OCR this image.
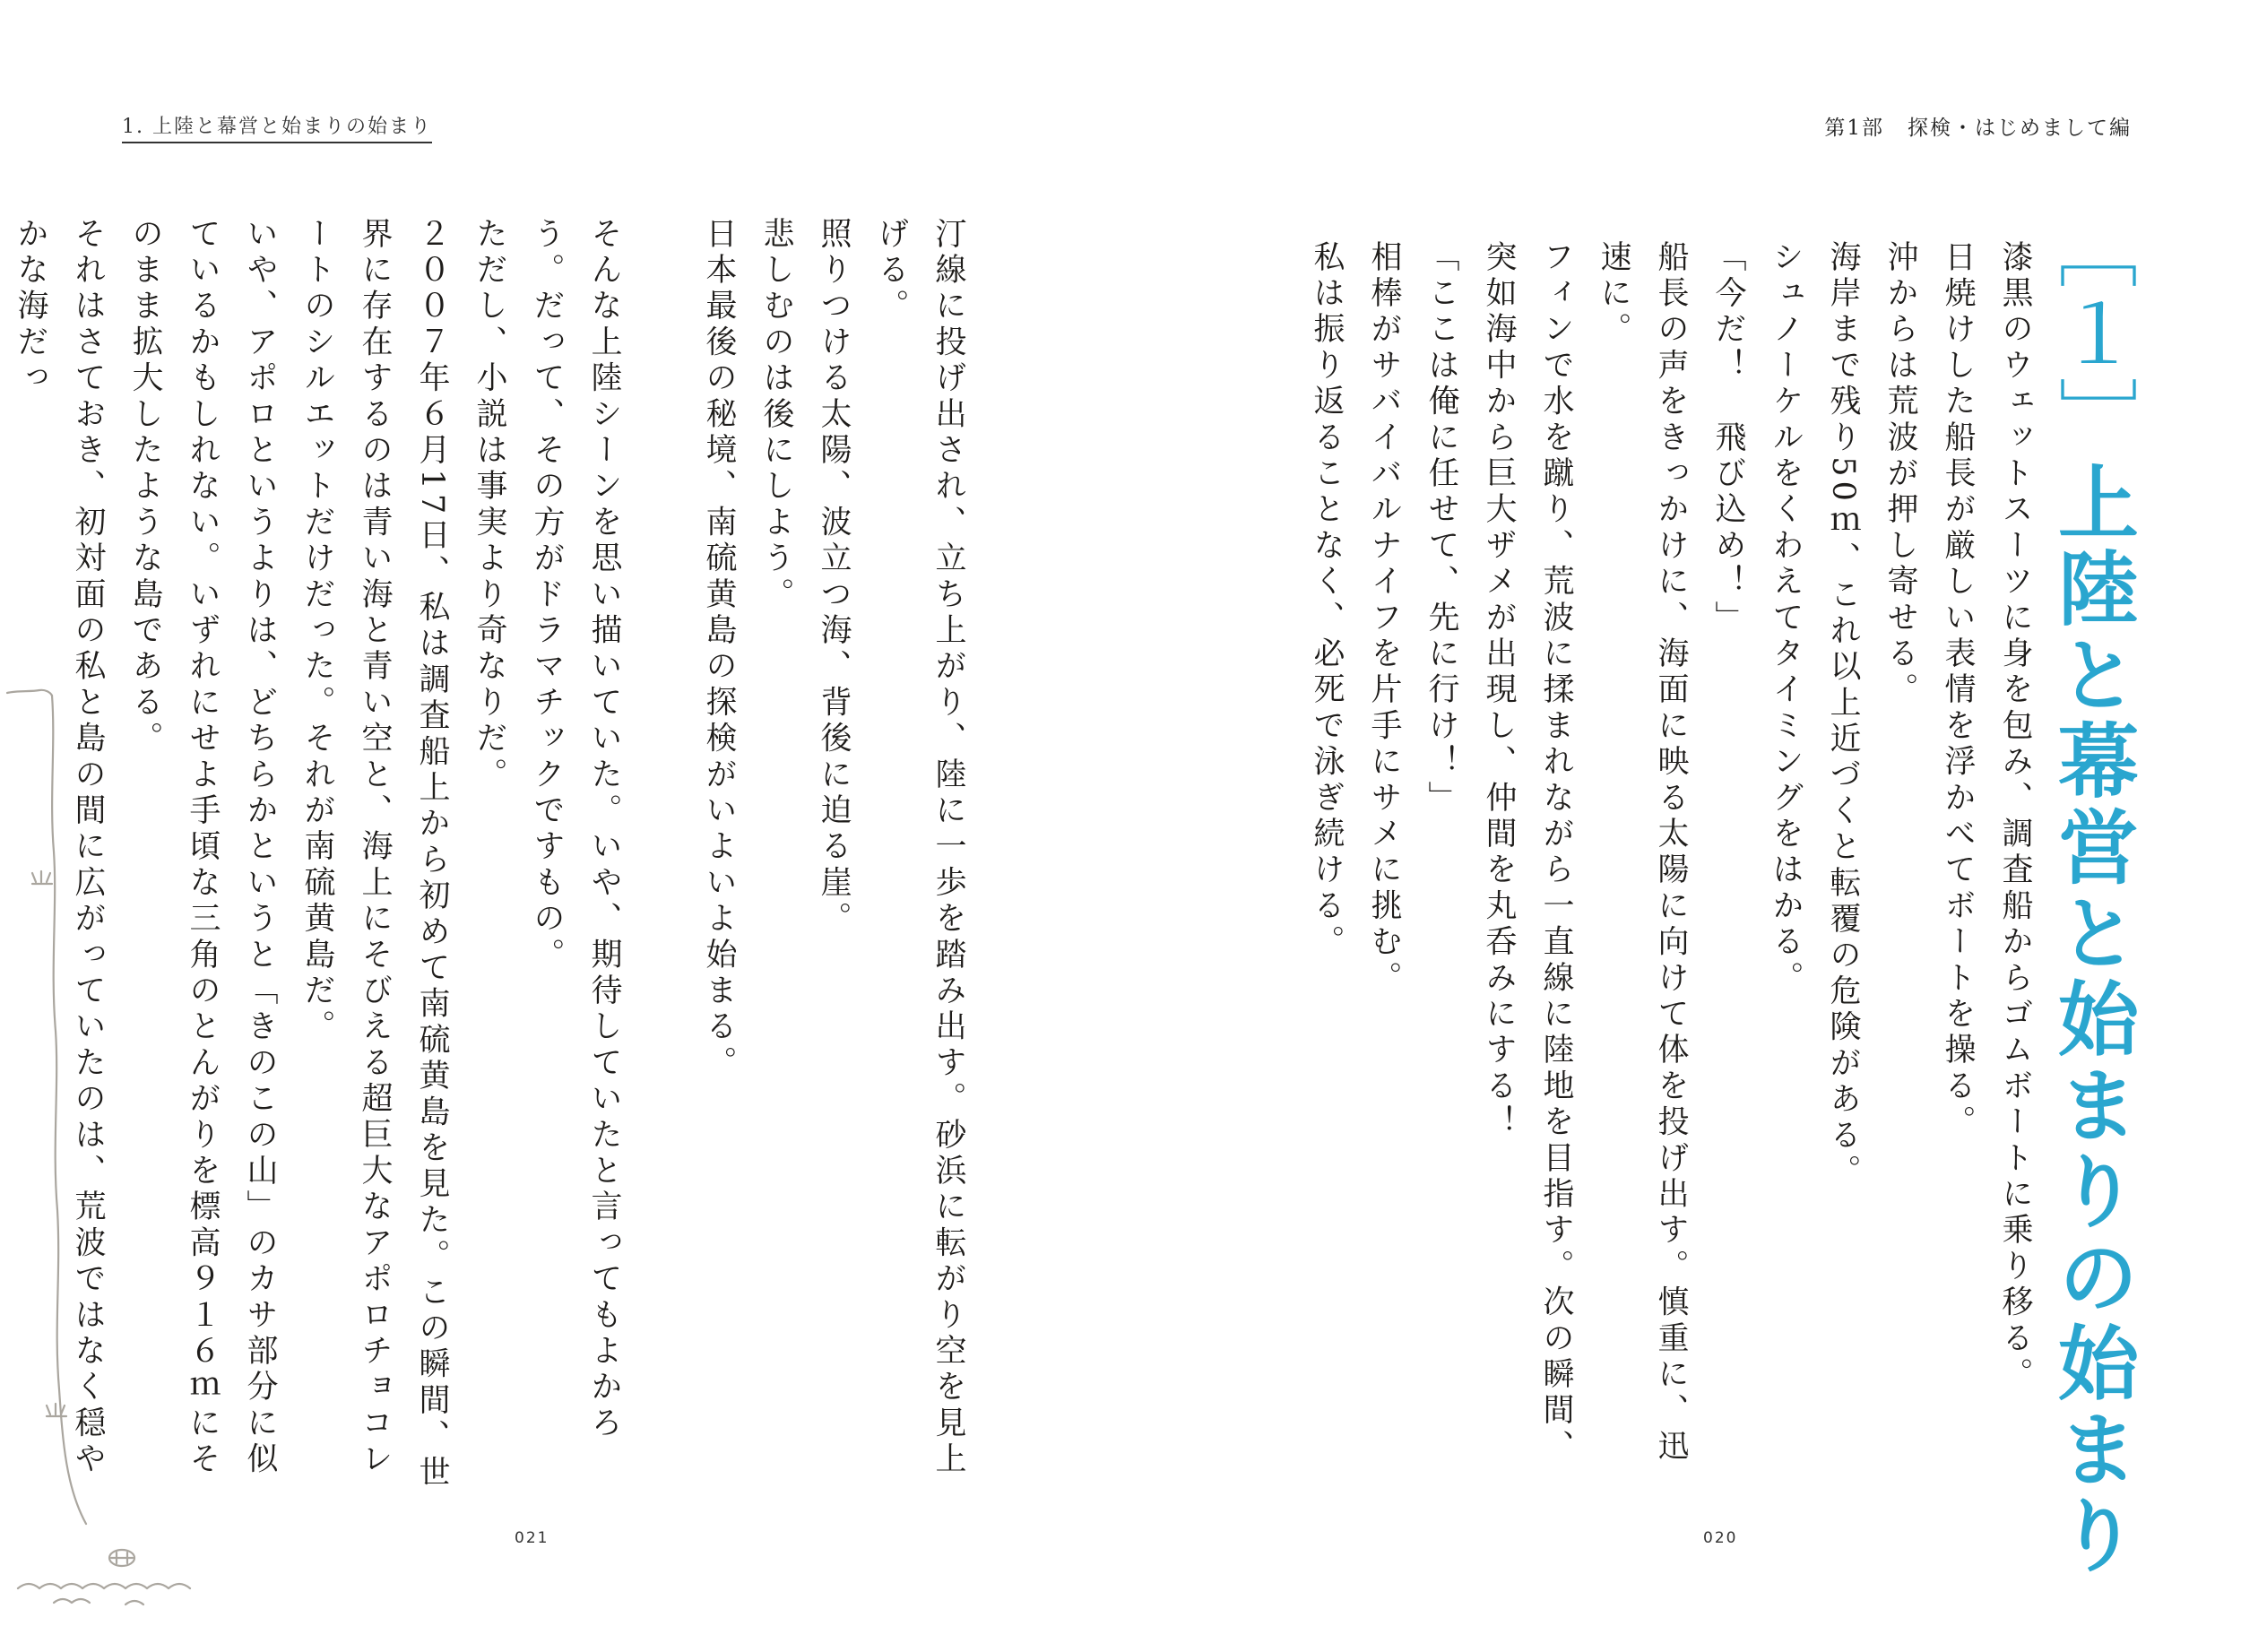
1. 上陸と幕営と始まりの始まり	第1部 探検・はじめまして編
［１］上陸と幕営と始まりの始まり

漆黒のウェットスーツに身を包み、調査船からゴムボートに乗り移る。

日焼けした船長が厳しい表情を浮かべてボートを操る。

沖からは荒波が押し寄せる。

海岸まで残り50ｍ、これ以上近づくと転覆の危険がある。

シュノーケルをくわえてタイミングをはかる。

「今だ！　飛び込め！」

船長の声をきっかけに、海面に映る太陽に向けて体を投げ出す。慎重に、迅速に。

フィンで水を蹴り、荒波に揉まれながら一直線に陸地を目指す。次の瞬間、突如海中から巨大ザメが出現し、仲間を丸呑みにする！

「ここは俺に任せて、先に行け！」

相棒がサバイバルナイフを片手にサメに挑む。

私は振り返ることなく、必死で泳ぎ続ける。

汀線に投げ出され、立ち上がり、陸に一歩を踏み出す。砂浜に転がり空を見上げる。

照りつける太陽、波立つ海、背後に迫る崖。

悲しむのは後にしよう。

日本最後の秘境、南硫黄島の探検がいよいよ始まる。

そんな上陸シーンを思い描いていた。いや、期待していたと言ってもよかろう。だって、その方がドラマチックですもの。

ただし、小説は事実より奇なりだ。

２００７年６月17日、私は調査船上から初めて南硫黄島を見た。この瞬間、世界に存在するのは青い海と青い空と、海上にそびえる超巨大なアポロチョコレートのシルエットだけだった。それが南硫黄島だ。

いや、アポロというよりは、どちらかというと「きのこの山」のカサ部分に似ているかもしれない。いずれにせよ手頃な三角のとんがりを標高９１６ｍにそのまま拡大したような島である。

それはさておき、初対面の私と島の間に広がっていたのは、荒波ではなく穏やかな海だっ

021	020
